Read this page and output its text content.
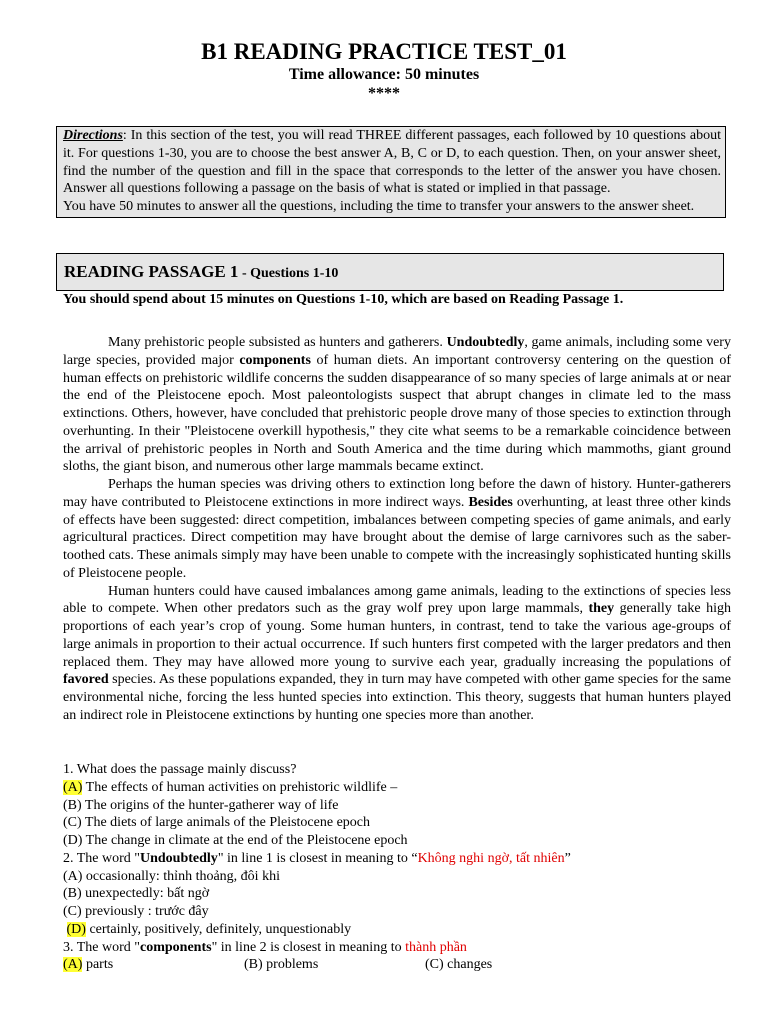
B1 READING PRACTICE TEST_01
Time allowance: 50 minutes
****

Directions: In this section of the test, you will read THREE different passages, each followed by 10 questions about it. For questions 1-30, you are to choose the best answer A, B, C or D, to each question. Then, on your answer sheet, find the number of the question and fill in the space that corresponds to the letter of the answer you have chosen. Answer all questions following a passage on the basis of what is stated or implied in that passage.

You have 50 minutes to answer all the questions, including the time to transfer your answers to the answer sheet.

READING PASSAGE 1 - Questions 1-10
You should spend about 15 minutes on Questions 1-10, which are based on Reading Passage 1.

Many prehistoric people subsisted as hunters and gatherers. Undoubtedly, game animals, including some very large species, provided major components of human diets. An important controversy centering on the question of human effects on prehistoric wildlife concerns the sudden disappearance of so many species of large animals at or near the end of the Pleistocene epoch. Most paleontologists suspect that abrupt changes in climate led to the mass extinctions. Others, however, have concluded that prehistoric people drove many of those species to extinction through overhunting. In their "Pleistocene overkill hypothesis," they cite what seems to be a remarkable coincidence between the arrival of prehistoric peoples in North and South America and the time during which mammoths, giant ground sloths, the giant bison, and numerous other large mammals became extinct.

Perhaps the human species was driving others to extinction long before the dawn of history. Hunter-gatherers may have contributed to Pleistocene extinctions in more indirect ways. Besides overhunting, at least three other kinds of effects have been suggested: direct competition, imbalances between competing species of game animals, and early agricultural practices. Direct competition may have brought about the demise of large carnivores such as the saber-toothed cats. These animals simply may have been unable to compete with the increasingly sophisticated hunting skills of Pleistocene people.

Human hunters could have caused imbalances among game animals, leading to the extinctions of species less able to compete. When other predators such as the gray wolf prey upon large mammals, they generally take high proportions of each year’s crop of young. Some human hunters, in contrast, tend to take the various age-groups of large animals in proportion to their actual occurrence. If such hunters first competed with the larger predators and then replaced them. They may have allowed more young to survive each year, gradually increasing the populations of favored species. As these populations expanded, they in turn may have competed with other game species for the same environmental niche, forcing the less hunted species into extinction. This theory, suggests that human hunters played an indirect role in Pleistocene extinctions by hunting one species more than another.

1. What does the passage mainly discuss?
(A) The effects of human activities on prehistoric wildlife –
(B) The origins of the hunter-gatherer way of life
(C) The diets of large animals of the Pleistocene epoch
(D) The change in climate at the end of the Pleistocene epoch
2. The word "Undoubtedly" in line 1 is closest in meaning to “Không nghi ngờ, tất nhiên”
(A) occasionally: thỉnh thoảng, đôi khi
(B) unexpectedly: bất ngờ
(C) previously : trước đây
(D) certainly, positively, definitely, unquestionably
3. The word "components" in line 2 is closest in meaning to thành phần
(A) parts	(B) problems	(C) changes
